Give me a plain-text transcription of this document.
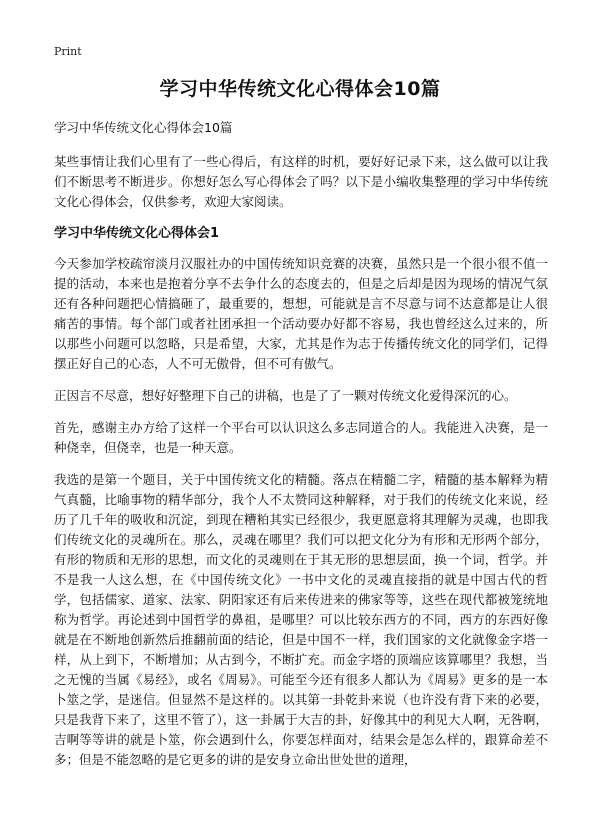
Print
学习中华传统文化心得体会10篇

学习中华传统文化心得体会10篇

某些事情让我们心里有了一些心得后，有这样的时机，要好好记录下来，这么做可以让我们不断思考不断进步。你想好怎么写心得体会了吗？以下是小编收集整理的学习中华传统文化心得体会，仅供参考，欢迎大家阅读。

学习中华传统文化心得体会1

今天参加学校疏帘淡月汉服社办的中国传统知识竞赛的决赛，虽然只是一个很小很不值一提的活动，本来也是抱着分享不去争什么的态度去的，但是之后却是因为现场的情况气氛还有各种问题把心情搞砸了，最重要的，想想，可能就是言不尽意与词不达意都是让人很痛苦的事情。每个部门或者社团承担一个活动要办好都不容易，我也曾经这么过来的，所以那些小问题可以忽略，只是希望，大家，尤其是作为志于传播传统文化的同学们，记得摆正好自己的心态，人不可无傲骨，但不可有傲气。

正因言不尽意，想好好整理下自己的讲稿，也是了了一颗对传统文化爱得深沉的心。

首先，感谢主办方给了这样一个平台可以认识这么多志同道合的人。我能进入决赛，是一种侥幸，但侥幸，也是一种天意。

我选的是第一个题目，关于中国传统文化的精髓。落点在精髓二字，精髓的基本解释为精气真髓，比喻事物的精华部分，我个人不太赞同这种解释，对于我们的传统文化来说，经历了几千年的吸收和沉淀，到现在糟粕其实已经很少，我更愿意将其理解为灵魂，也即我们传统文化的灵魂所在。那么，灵魂在哪里？我们可以把文化分为有形和无形两个部分，有形的物质和无形的思想，而文化的灵魂则在于其无形的思想层面，换一个词，哲学。并不是我一人这么想，在《中国传统文化》一书中文化的灵魂直接指的就是中国古代的哲学，包括儒家、道家、法家、阴阳家还有后来传进来的佛家等等，这些在现代都被笼统地称为哲学。再论述到中国哲学的鼻祖，是哪里？可以比较东西方的不同，西方的东西好像就是在不断地创新然后推翻前面的结论，但是中国不一样，我们国家的文化就像金字塔一样，从上到下，不断增加；从古到今，不断扩充。而金字塔的顶端应该算哪里？我想，当之无愧的当属《易经》，或名《周易》。可能至今还有很多人都认为《周易》更多的是一本卜筮之学，是迷信。但显然不是这样的。以其第一卦乾卦来说（也许没有背下来的必要，只是我背下来了，这里不管了），这一卦属于大吉的卦，好像其中的利见大人啊，无咎啊，吉啊等等讲的就是卜筮，你会遇到什么，你要怎样面对，结果会是怎么样的，跟算命差不多；但是不能忽略的是它更多的讲的是安身立命出世处世的道理，
